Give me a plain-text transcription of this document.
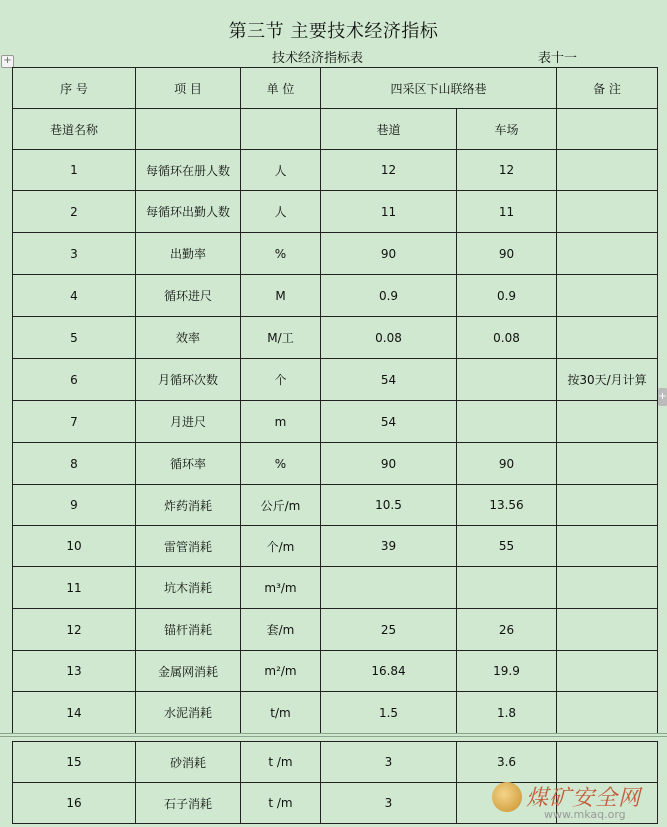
第三节 主要技术经济指标
技术经济指标表	表十一
+
+
序 号	项 目	单 位	四采区下山联络巷		备 注
巷道名称			巷道	车场	
1	每循环在册人数	人	12	12	
2	每循环出勤人数	人	11	11	
3	出勤率	%	90	90	
4	循环进尺	M	0.9	0.9	
5	效率	M/工	0.08	0.08	
6	月循环次数	个	54		按30天/月计算
7	月进尺	m	54		
8	循环率	%	90	90	
9	炸药消耗	公斤/m	10.5	13.56	
10	雷管消耗	个/m	39	55	
11	坑木消耗	m³/m			
12	锚杆消耗	套/m	25	26	
13	金属网消耗	m²/m	16.84	19.9	
14	水泥消耗	t/m	1.5	1.8	
15	砂消耗	t /m	3	3.6	
16	石子消耗	t /m	3			煤矿安全网
www.mkaq.org
